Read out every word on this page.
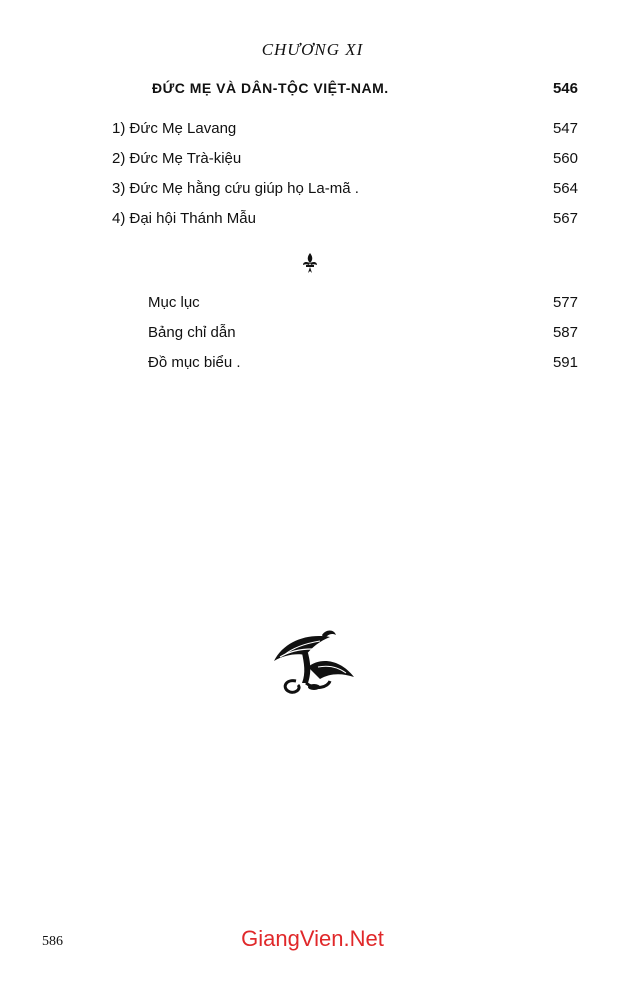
CHƯƠNG XI
ĐỨC MẸ VÀ DÂN-TỘC VIỆT-NAM.	546
1) Đức Mẹ Lavang	547
2) Đức Mẹ Trà-kiệu	560
3) Đức Mẹ hằng cứu giúp họ La-mã .	564
4) Đại hội Thánh Mẫu	567
Mục lục	577
Bảng chỉ dẫn	587
Đồ mục biểu .	591
586	GiangVien.Net
